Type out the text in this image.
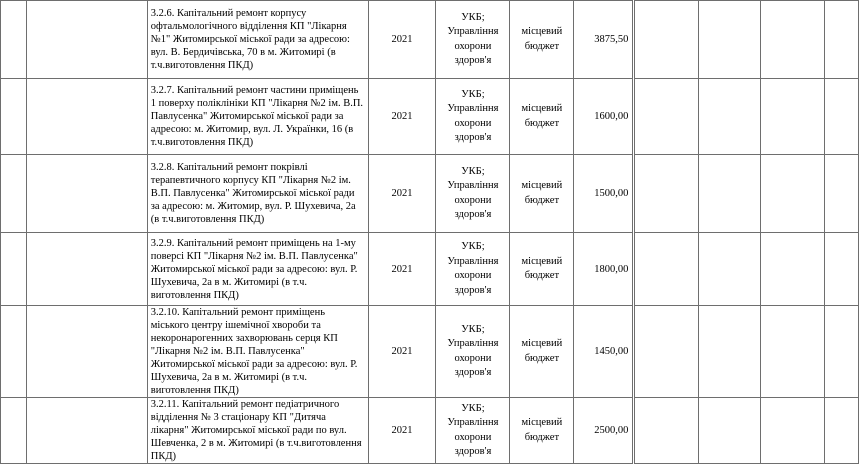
		3.2.6. Капітальний ремонт корпусу офтальмологічного відділення КП "Лікарня №1" Житомирської міської ради за адресою: вул. В. Бердичівська, 70 в м. Житомирі (в т.ч.виготовлення ПКД)	2021	УКБ; Управління охорони здоров'я	місцевий бюджет	3875,50				
		3.2.7. Капітальний ремонт частини приміщень 1 поверху поліклініки КП "Лікарня №2 ім. В.П. Павлусенка" Житомирської міської ради за адресою: м. Житомир, вул. Л. Українки, 16 (в т.ч.виготовлення ПКД)	2021	УКБ; Управління охорони здоров'я	місцевий бюджет	1600,00				
		3.2.8. Капітальний ремонт покрівлі терапевтичного корпусу КП "Лікарня №2 ім. В.П. Павлусенка" Житомирської міської ради за адресою: м. Житомир, вул. Р. Шухевича, 2а (в т.ч.виготовлення ПКД)	2021	УКБ; Управління охорони здоров'я	місцевий бюджет	1500,00				
		3.2.9. Капітальний ремонт приміщень на 1-му поверсі КП "Лікарня №2 ім. В.П. Павлусенка" Житомирської міської ради за адресою: вул. Р. Шухевича, 2а в м. Житомирі (в т.ч. виготовлення ПКД)	2021	УКБ; Управління охорони здоров'я	місцевий бюджет	1800,00				
		3.2.10. Капітальний ремонт приміщень міського центру ішемічної хвороби та некоронарогенних захворювань серця КП "Лікарня №2 ім. В.П. Павлусенка" Житомирської міської ради за адресою: вул. Р. Шухевича, 2а в м. Житомирі (в т.ч. виготовлення ПКД)	2021	УКБ; Управління охорони здоров'я	місцевий бюджет	1450,00				
		3.2.11. Капітальний ремонт педіатричного відділення № 3 стаціонару КП "Дитяча лікарня" Житомирської міської ради по вул. Шевченка, 2 в м. Житомирі (в т.ч.виготовлення ПКД)	2021	УКБ; Управління охорони здоров'я	місцевий бюджет	2500,00				
